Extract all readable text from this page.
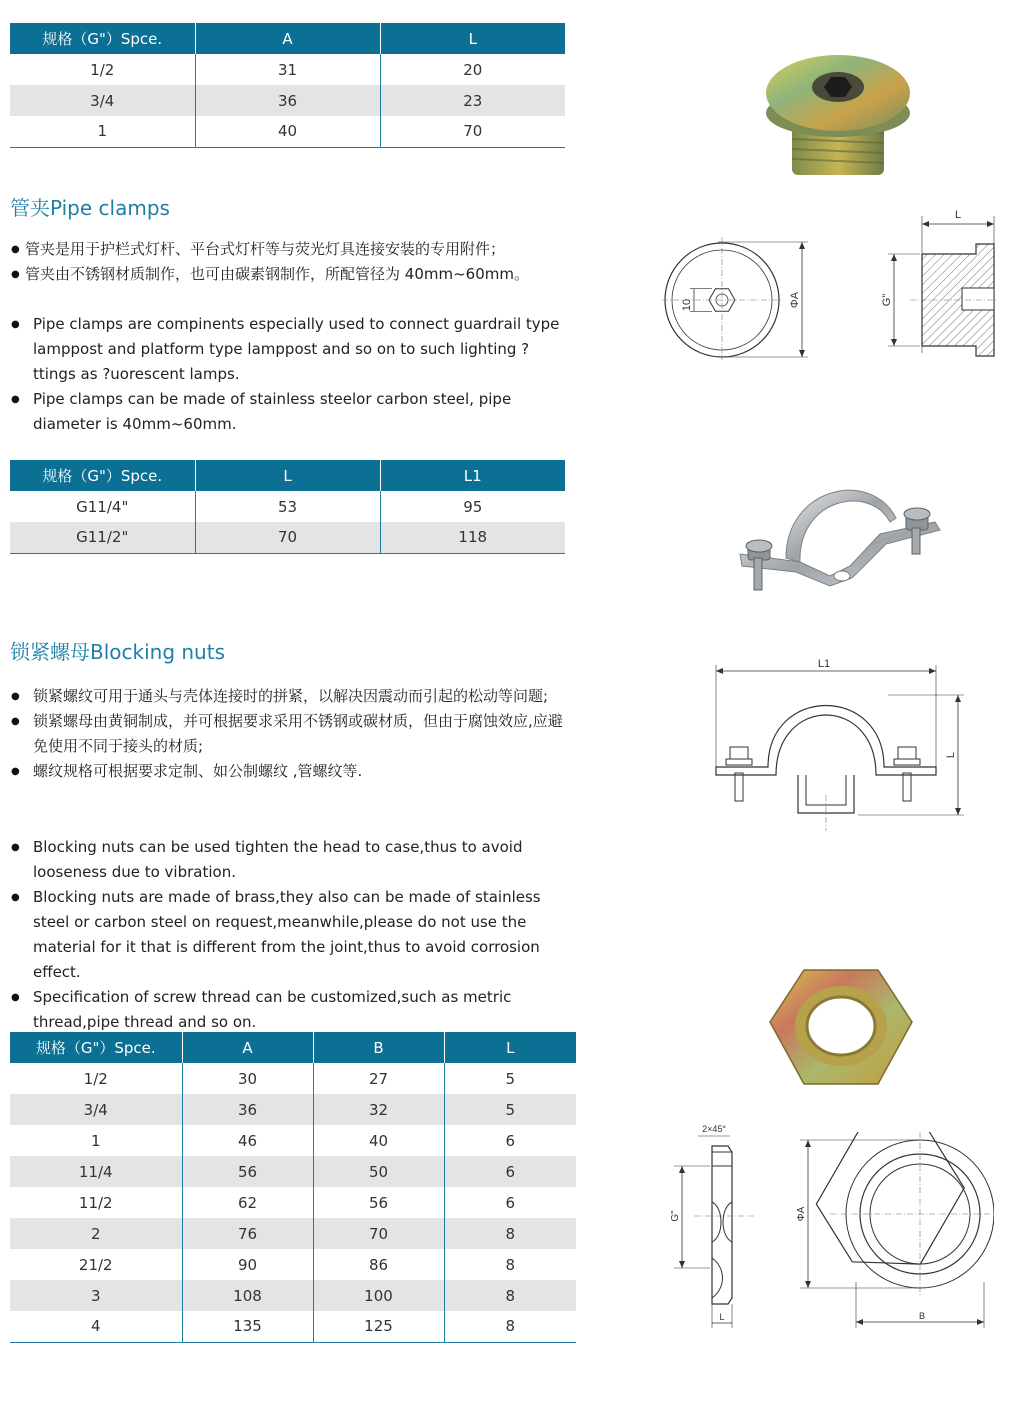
规格（G"）Spce.	A	L
1/2	31	20
3/4	36	23
1	40	70
10	ΦA
L
G"
管夹Pipe clamps
● 管夹是用于护栏式灯杆、平台式灯杆等与荧光灯具连接安装的专用附件；
● 管夹由不锈钢材质制作，也可由碳素钢制作，所配管径为 40mm~60mm。
● Pipe clamps are compinents especially used to connect guardrail type lamppost and platform type lamppost and so on to such lighting ?ttings as ?uorescent lamps.
● Pipe clamps can be made of stainless steelor carbon steel, pipe diameter is 40mm~60mm.
规格（G"）Spce.	L	L1
G11/4"	53	95
G11/2"	70	118
L1
L
锁紧螺母Blocking nuts
● 锁紧螺纹可用于通头与壳体连接时的拼紧，以解决因震动而引起的松动等问题;
● 锁紧螺母由黄铜制成，并可根据要求采用不锈钢或碳材质，但由于腐蚀效应,应避免使用不同于接头的材质;
● 螺纹规格可根据要求定制、如公制螺纹 ,管螺纹等.
● Blocking nuts can be used tighten the head to case,thus to avoid looseness due to vibration.
● Blocking nuts are made of brass,they also can be made of stainless steel or carbon steel on request,meanwhile,please do not use the material for it that is different from the joint,thus to avoid corrosion effect.
● Specification of screw thread can be customized,such as metric thread,pipe thread and so on.
规格（G"）Spce.	A	B	L
1/2	30	27	5
3/4	36	32	5
1	46	40	6
11/4	56	50	6
11/2	62	56	6
2	76	70	8
21/2	90	86	8
3	108	100	8
4	135	125	8
2×45°
G"
L
ΦA
B
